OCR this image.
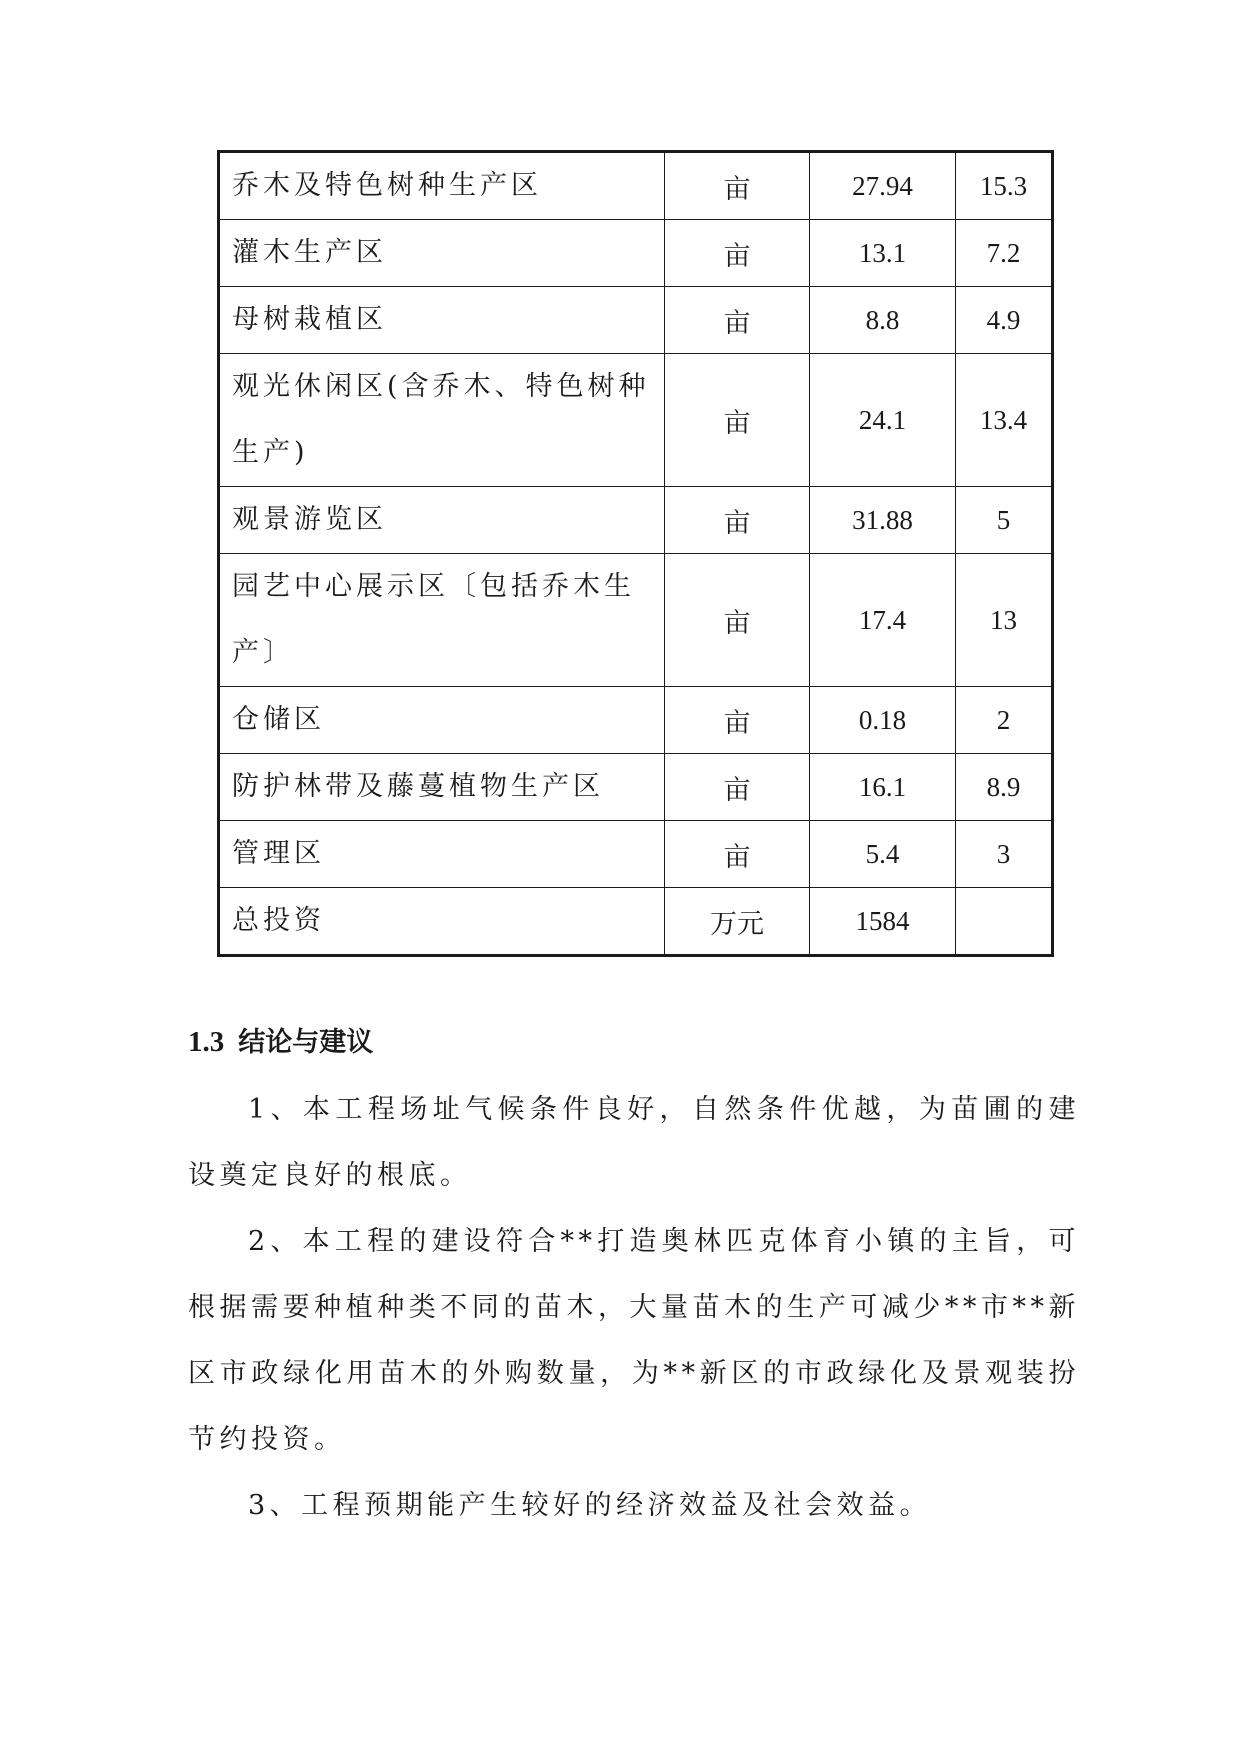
乔木及特色树种生产区	亩	27.94	15.3
灌木生产区	亩	13.1	7.2
母树栽植区	亩	8.8	4.9
观光休闲区(含乔木、特色树种生产)	亩	24.1	13.4
观景游览区	亩	31.88	5
园艺中心展示区〔包括乔木生产〕	亩	17.4	13
仓储区	亩	0.18	2
防护林带及藤蔓植物生产区	亩	16.1	8.9
管理区	亩	5.4	3
总投资	万元	1584	
1.3 结论与建议

1、本工程场址气候条件良好，自然条件优越，为苗圃的建设奠定良好的根底。

2、本工程的建设符合**打造奥林匹克体育小镇的主旨，可根据需要种植种类不同的苗木，大量苗木的生产可减少**市**新区市政绿化用苗木的外购数量，为**新区的市政绿化及景观装扮节约投资。

3、工程预期能产生较好的经济效益及社会效益。
